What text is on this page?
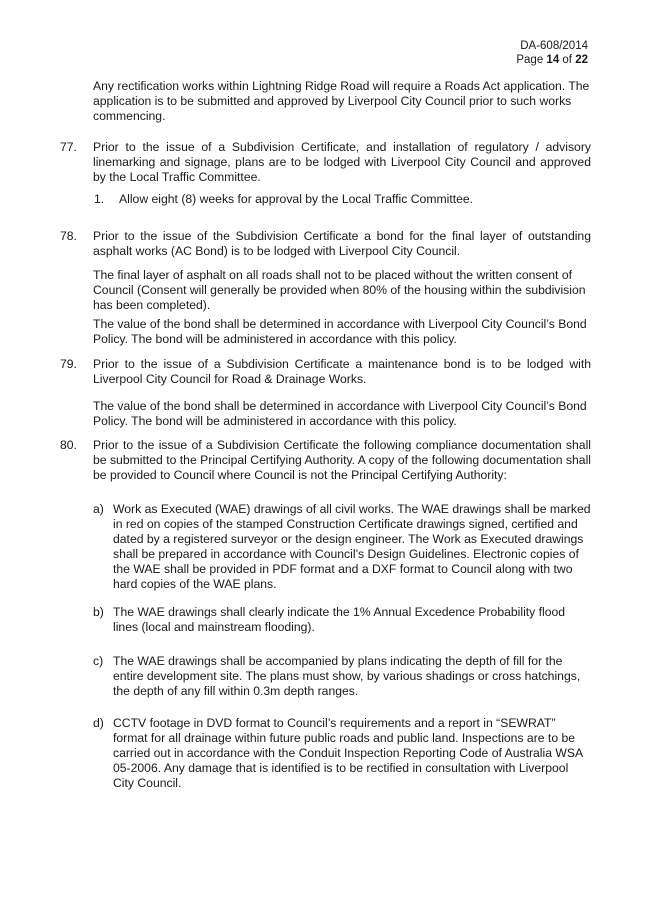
DA-608/2014
Page 14 of 22

Any rectification works within Lightning Ridge Road will require a Roads Act application. The application is to be submitted and approved by Liverpool City Council prior to such works commencing.

77.	Prior to the issue of a Subdivision Certificate, and installation of regulatory / advisory linemarking and signage, plans are to be lodged with Liverpool City Council and approved by the Local Traffic Committee.

1.	Allow eight (8) weeks for approval by the Local Traffic Committee.

78.	Prior to the issue of the Subdivision Certificate a bond for the final layer of outstanding asphalt works (AC Bond) is to be lodged with Liverpool City Council.

The final layer of asphalt on all roads shall not to be placed without the written consent of Council (Consent will generally be provided when 80% of the housing within the subdivision has been completed).

The value of the bond shall be determined in accordance with Liverpool City Council’s Bond Policy. The bond will be administered in accordance with this policy.

79.	Prior to the issue of a Subdivision Certificate a maintenance bond is to be lodged with Liverpool City Council for Road & Drainage Works.

The value of the bond shall be determined in accordance with Liverpool City Council’s Bond Policy. The bond will be administered in accordance with this policy.

80.	Prior to the issue of a Subdivision Certificate the following compliance documentation shall be submitted to the Principal Certifying Authority. A copy of the following documentation shall be provided to Council where Council is not the Principal Certifying Authority:

a) Work as Executed (WAE) drawings of all civil works. The WAE drawings shall be marked in red on copies of the stamped Construction Certificate drawings signed, certified and dated by a registered surveyor or the design engineer. The Work as Executed drawings shall be prepared in accordance with Council’s Design Guidelines. Electronic copies of the WAE shall be provided in PDF format and a DXF format to Council along with two hard copies of the WAE plans.

b) The WAE drawings shall clearly indicate the 1% Annual Excedence Probability flood lines (local and mainstream flooding).

c) The WAE drawings shall be accompanied by plans indicating the depth of fill for the entire development site. The plans must show, by various shadings or cross hatchings, the depth of any fill within 0.3m depth ranges.

d) CCTV footage in DVD format to Council’s requirements and a report in “SEWRAT” format for all drainage within future public roads and public land. Inspections are to be carried out in accordance with the Conduit Inspection Reporting Code of Australia WSA 05-2006. Any damage that is identified is to be rectified in consultation with Liverpool City Council.
